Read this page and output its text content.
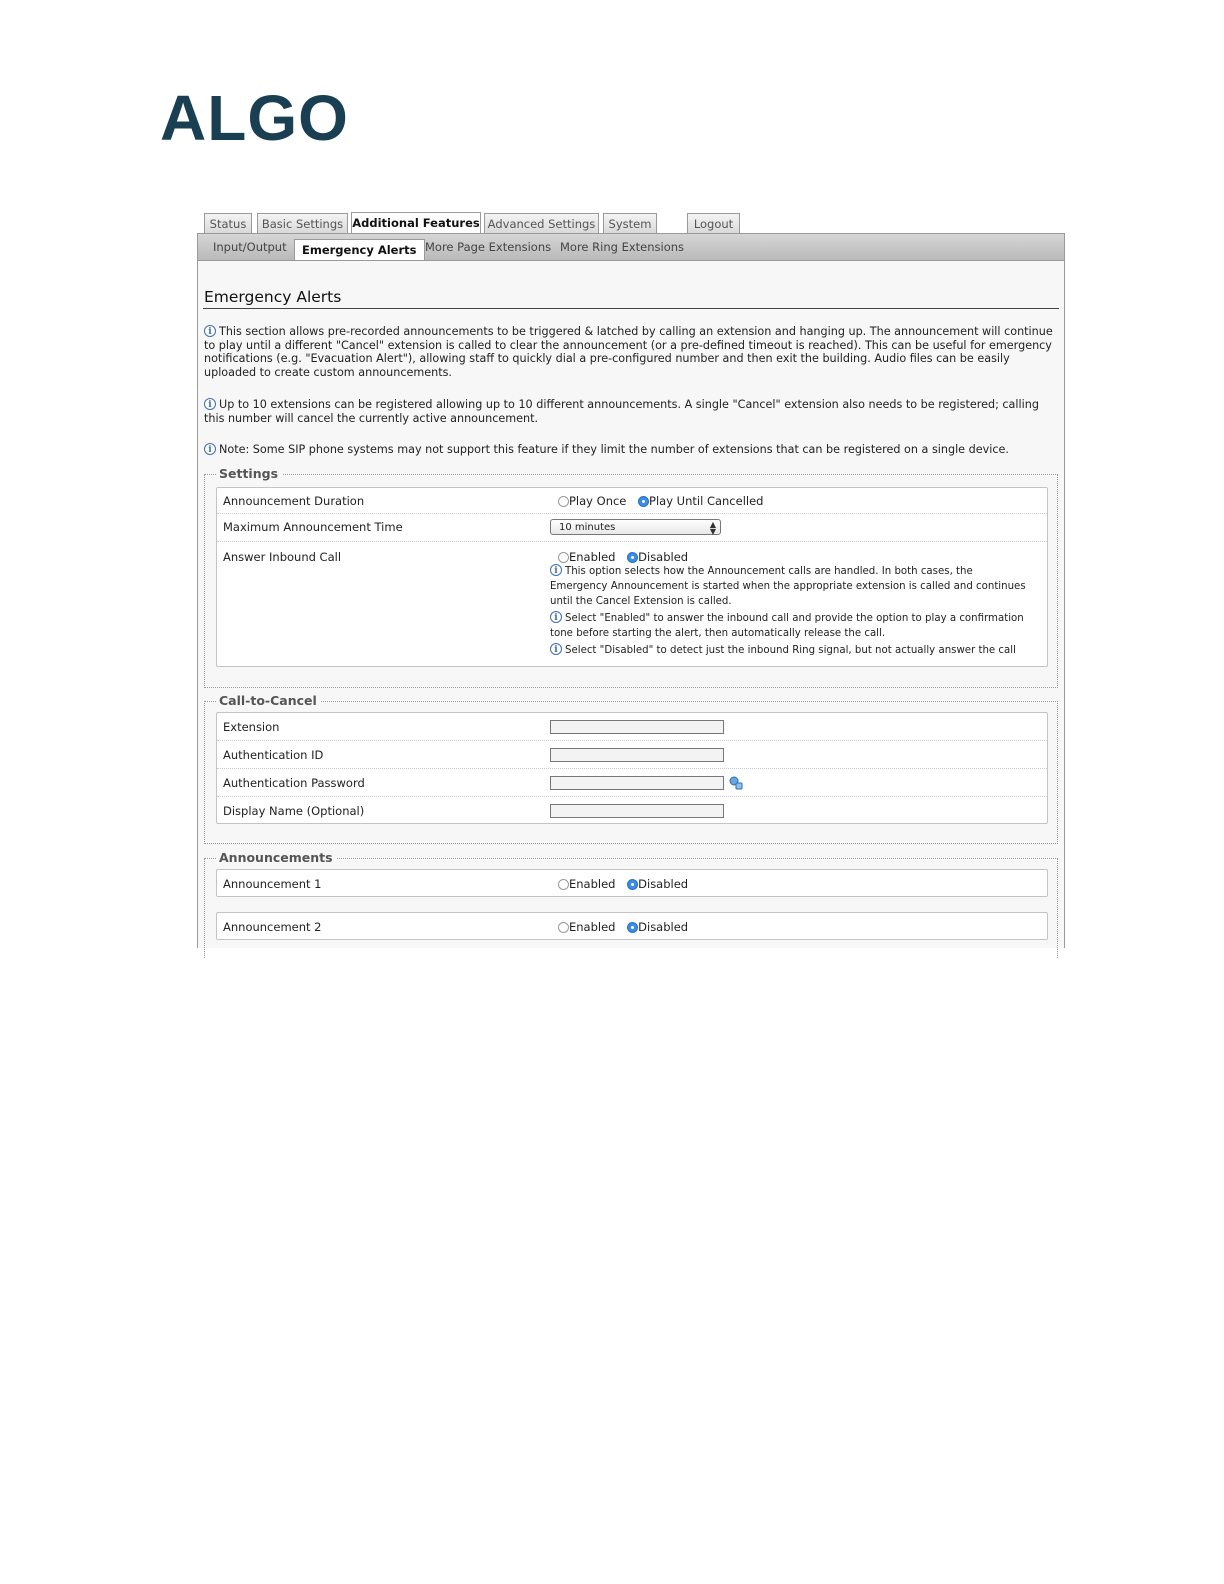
ALGO
Status	Basic Settings Additional Features Advanced Settings	System	Logout
Input/Output	Emergency Alerts More Page Extensions More Ring Extensions
Emergency Alerts
i This section allows pre-recorded announcements to be triggered & latched by calling an extension and hanging up. The announcement will continue to play until a different "Cancel" extension is called to clear the announcement (or a pre-defined timeout is reached). This can be useful for emergency notifications (e.g. "Evacuation Alert"), allowing staff to quickly dial a pre-configured number and then exit the building. Audio files can be easily uploaded to create custom announcements.
i Up to 10 extensions can be registered allowing up to 10 different announcements. A single "Cancel" extension also needs to be registered; calling this number will cancel the currently active announcement.
i Note: Some SIP phone systems may not support this feature if they limit the number of extensions that can be registered on a single device.
Settings
Announcement Duration	Play Once Play Until Cancelled
Maximum Announcement Time	10 minutes	▲
▼
Answer Inbound Call	Enabled Disabled
i This option selects how the Announcement calls are handled. In both cases, the Emergency Announcement is started when the appropriate extension is called and continues until the Cancel Extension is called.
i Select "Enabled" to answer the inbound call and provide the option to play a confirmation tone before starting the alert, then automatically release the call.
i Select "Disabled" to detect just the inbound Ring signal, but not actually answer the call
Call-to-Cancel
Extension
Authentication ID
Authentication Password
Display Name (Optional)
Announcements
Announcement 1	Enabled Disabled
Announcement 2	Enabled Disabled
